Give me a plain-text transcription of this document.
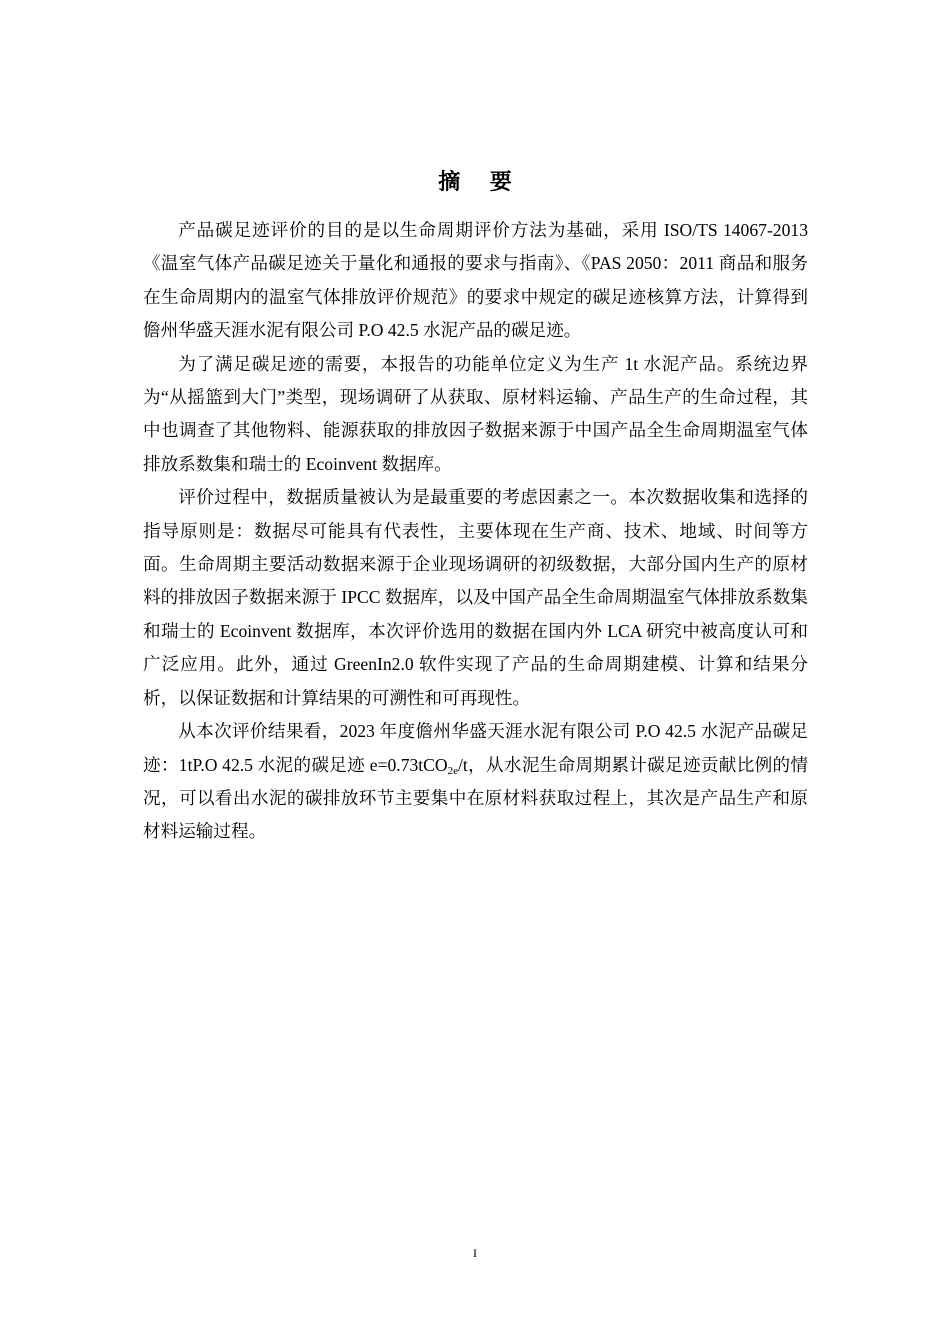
摘 要

产品碳足迹评价的目的是以生命周期评价方法为基础，采用 ISO/TS 14067-2013《温室气体产品碳足迹关于量化和通报的要求与指南》、《PAS 2050：2011 商品和服务在生命周期内的温室气体排放评价规范》的要求中规定的碳足迹核算方法，计算得到儋州华盛天涯水泥有限公司 P.O 42.5 水泥产品的碳足迹。

为了满足碳足迹的需要，本报告的功能单位定义为生产 1t 水泥产品。系统边界为“从摇篮到大门”类型，现场调研了从获取、原材料运输、产品生产的生命过程，其中也调查了其他物料、能源获取的排放因子数据来源于中国产品全生命周期温室气体排放系数集和瑞士的 Ecoinvent 数据库。

评价过程中，数据质量被认为是最重要的考虑因素之一。本次数据收集和选择的指导原则是：数据尽可能具有代表性，主要体现在生产商、技术、地域、时间等方面。生命周期主要活动数据来源于企业现场调研的初级数据，大部分国内生产的原材料的排放因子数据来源于 IPCC 数据库，以及中国产品全生命周期温室气体排放系数集和瑞士的 Ecoinvent 数据库，本次评价选用的数据在国内外 LCA 研究中被高度认可和广泛应用。此外，通过 GreenIn2.0 软件实现了产品的生命周期建模、计算和结果分析，以保证数据和计算结果的可溯性和可再现性。

从本次评价结果看，2023 年度儋州华盛天涯水泥有限公司 P.O 42.5 水泥产品碳足迹：1tP.O 42.5 水泥的碳足迹 e=0.73tCO$_{2e}$/t，从水泥生命周期累计碳足迹贡献比例的情况，可以看出水泥的碳排放环节主要集中在原材料获取过程上，其次是产品生产和原材料运输过程。

I
